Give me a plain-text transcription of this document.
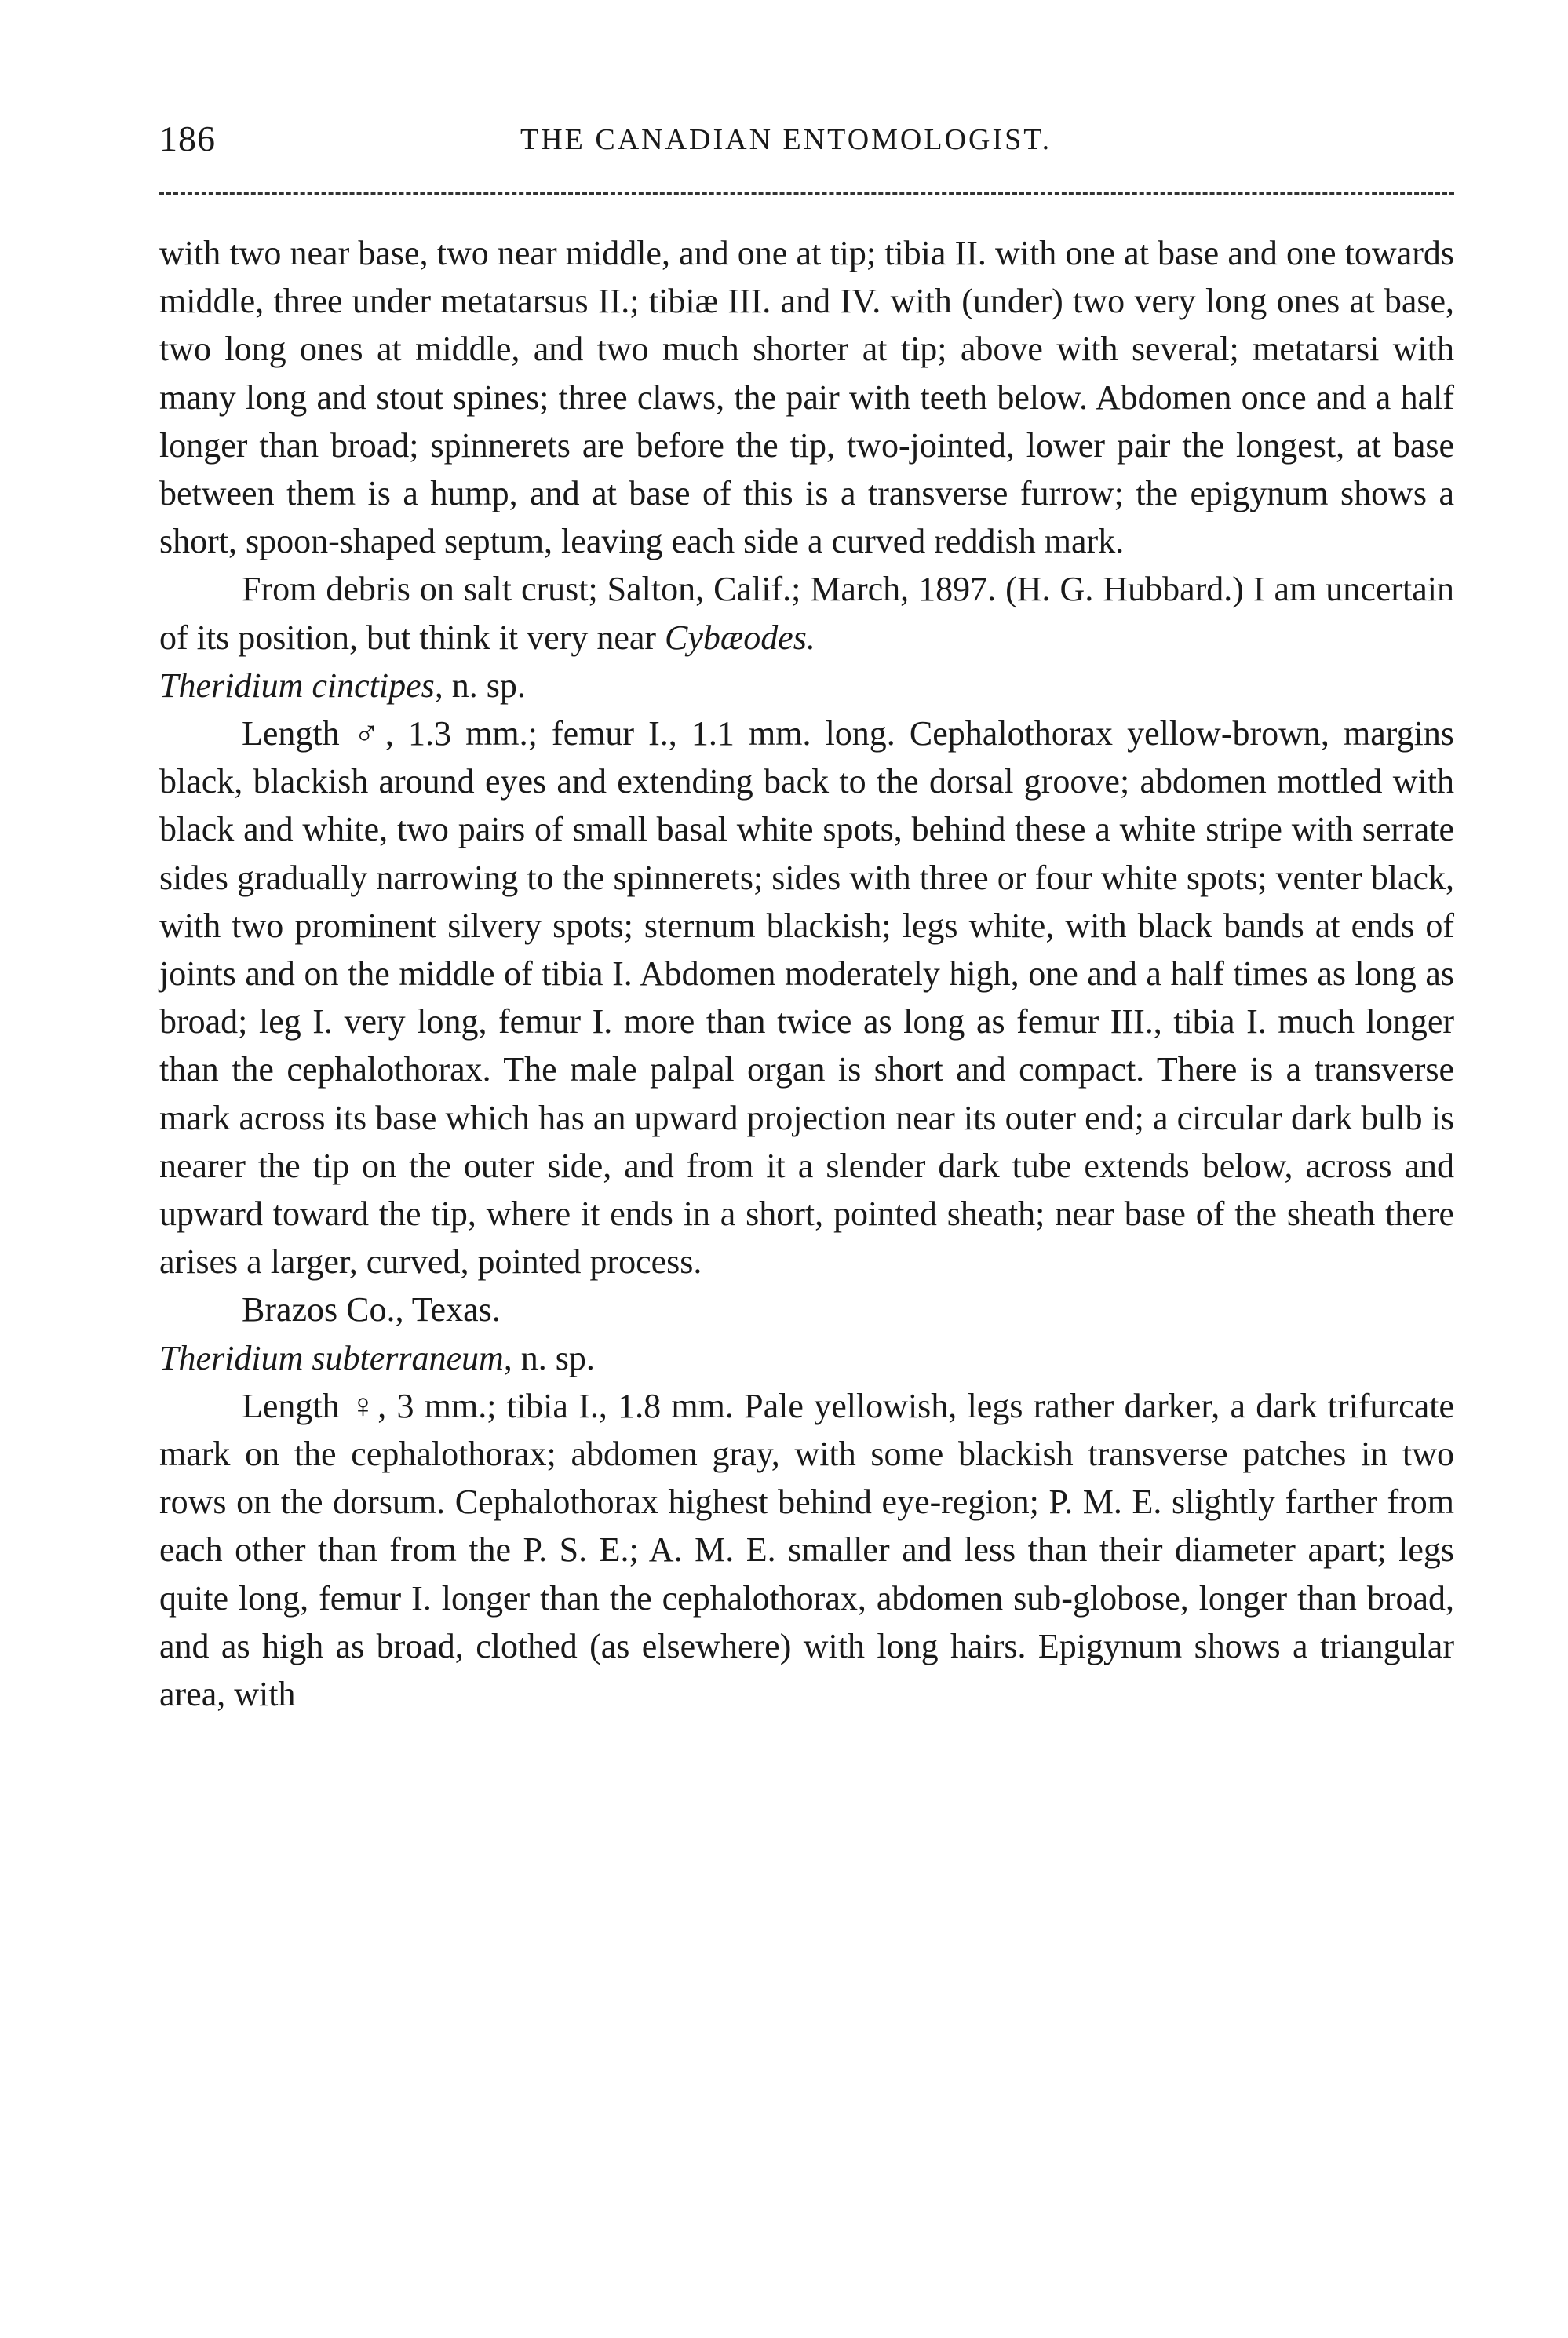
186	THE CANADIAN ENTOMOLOGIST.

with two near base, two near middle, and one at tip; tibia II. with one at base and one towards middle, three under metatarsus II.; tibiæ III. and IV. with (under) two very long ones at base, two long ones at middle, and two much shorter at tip; above with several; metatarsi with many long and stout spines; three claws, the pair with teeth below. Abdomen once and a half longer than broad; spinnerets are before the tip, two-jointed, lower pair the longest, at base between them is a hump, and at base of this is a transverse furrow; the epigynum shows a short, spoon-shaped septum, leaving each side a curved reddish mark.

From debris on salt crust; Salton, Calif.; March, 1897. (H. G. Hubbard.) I am uncertain of its position, but think it very near Cybæodes.

Theridium cinctipes, n. sp.

Length ♂, 1.3 mm.; femur I., 1.1 mm. long. Cephalothorax yellow-brown, margins black, blackish around eyes and extending back to the dorsal groove; abdomen mottled with black and white, two pairs of small basal white spots, behind these a white stripe with serrate sides gradually narrowing to the spinnerets; sides with three or four white spots; venter black, with two prominent silvery spots; sternum blackish; legs white, with black bands at ends of joints and on the middle of tibia I. Abdomen moderately high, one and a half times as long as broad; leg I. very long, femur I. more than twice as long as femur III., tibia I. much longer than the cephalothorax. The male palpal organ is short and compact. There is a transverse mark across its base which has an upward projection near its outer end; a circular dark bulb is nearer the tip on the outer side, and from it a slender dark tube extends below, across and upward toward the tip, where it ends in a short, pointed sheath; near base of the sheath there arises a larger, curved, pointed process.

Brazos Co., Texas.

Theridium subterraneum, n. sp.

Length ♀, 3 mm.; tibia I., 1.8 mm. Pale yellowish, legs rather darker, a dark trifurcate mark on the cephalothorax; abdomen gray, with some blackish transverse patches in two rows on the dorsum. Cephalothorax highest behind eye-region; P. M. E. slightly farther from each other than from the P. S. E.; A. M. E. smaller and less than their diameter apart; legs quite long, femur I. longer than the cephalothorax, abdomen sub-globose, longer than broad, and as high as broad, clothed (as elsewhere) with long hairs. Epigynum shows a triangular area, with
